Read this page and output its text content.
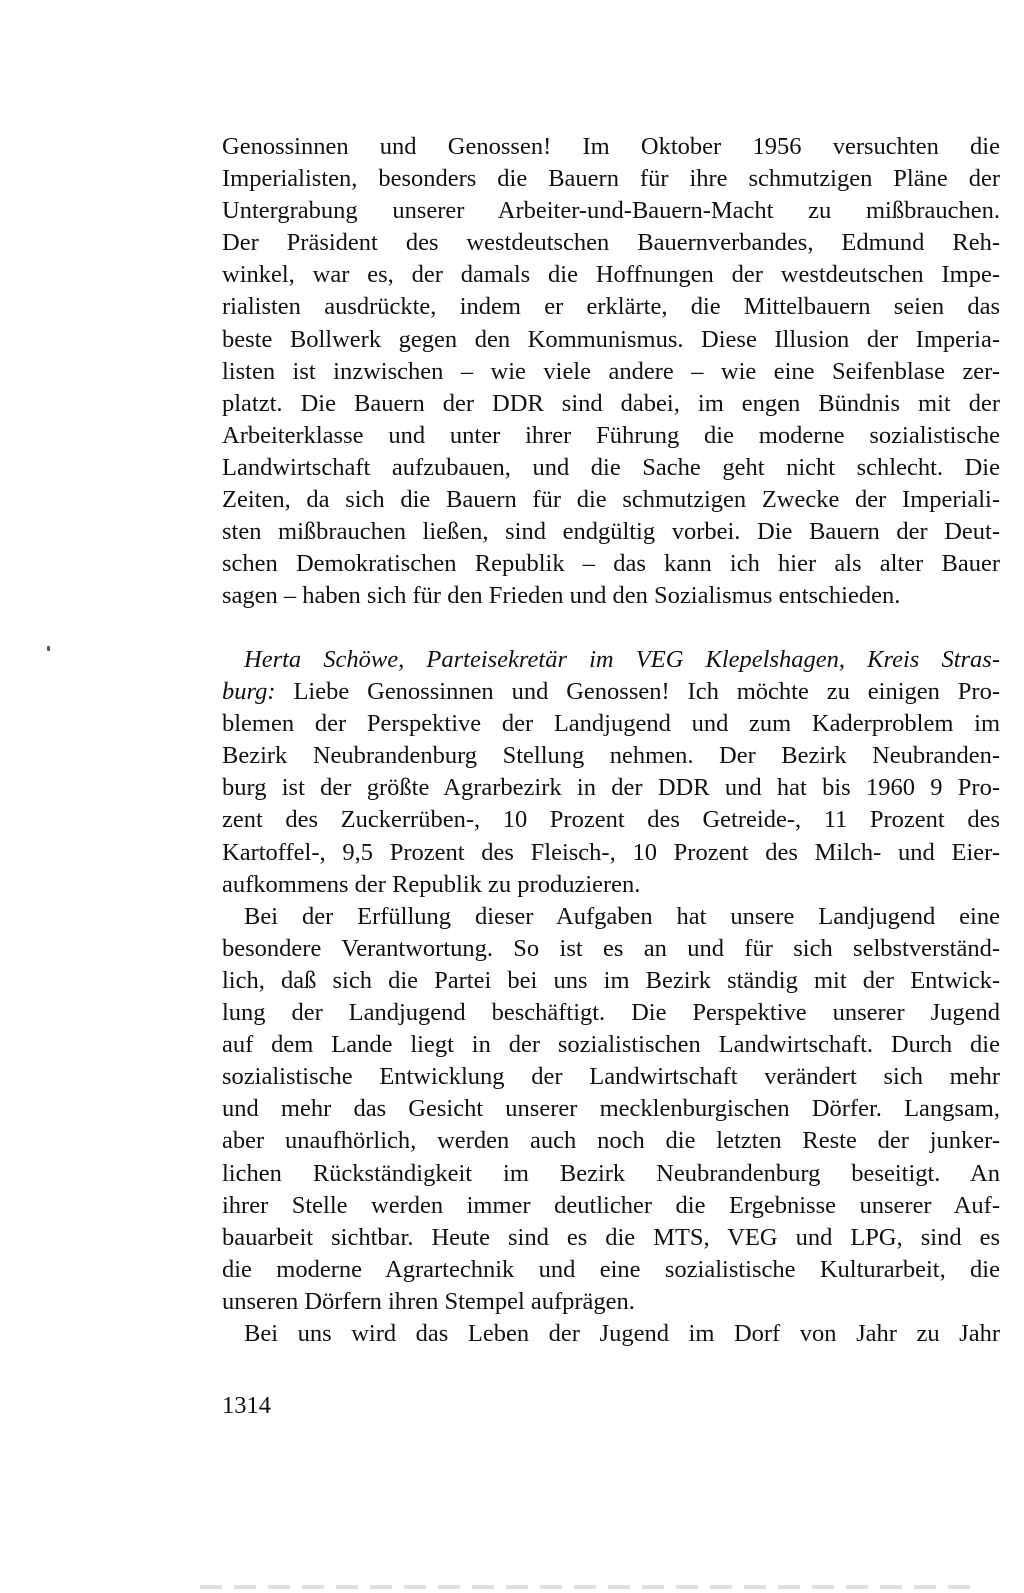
Genossinnen und Genossen! Im Oktober 1956 versuchten die
Imperialisten, besonders die Bauern für ihre schmutzigen Pläne der
Untergrabung unserer Arbeiter-und-Bauern-Macht zu mißbrauchen.
Der Präsident des westdeutschen Bauernverbandes, Edmund Reh-
winkel, war es, der damals die Hoffnungen der westdeutschen Impe-
rialisten ausdrückte, indem er erklärte, die Mittelbauern seien das
beste Bollwerk gegen den Kommunismus. Diese Illusion der Imperia-
listen ist inzwischen – wie viele andere – wie eine Seifenblase zer-
platzt. Die Bauern der DDR sind dabei, im engen Bündnis mit der
Arbeiterklasse und unter ihrer Führung die moderne sozialistische
Landwirtschaft aufzubauen, und die Sache geht nicht schlecht. Die
Zeiten, da sich die Bauern für die schmutzigen Zwecke der Imperiali-
sten mißbrauchen ließen, sind endgültig vorbei. Die Bauern der Deut-
schen Demokratischen Republik – das kann ich hier als alter Bauer
sagen – haben sich für den Frieden und den Sozialismus entschieden.
Herta Schöwe, Parteisekretär im VEG Klepelshagen, Kreis Stras-
burg: Liebe Genossinnen und Genossen! Ich möchte zu einigen Pro-
blemen der Perspektive der Landjugend und zum Kaderproblem im
Bezirk Neubrandenburg Stellung nehmen. Der Bezirk Neubranden-
burg ist der größte Agrarbezirk in der DDR und hat bis 1960 9 Pro-
zent des Zuckerrüben-, 10 Prozent des Getreide-, 11 Prozent des
Kartoffel-, 9,5 Prozent des Fleisch-, 10 Prozent des Milch- und Eier-
aufkommens der Republik zu produzieren.
Bei der Erfüllung dieser Aufgaben hat unsere Landjugend eine
besondere Verantwortung. So ist es an und für sich selbstverständ-
lich, daß sich die Partei bei uns im Bezirk ständig mit der Entwick-
lung der Landjugend beschäftigt. Die Perspektive unserer Jugend
auf dem Lande liegt in der sozialistischen Landwirtschaft. Durch die
sozialistische Entwicklung der Landwirtschaft verändert sich mehr
und mehr das Gesicht unserer mecklenburgischen Dörfer. Langsam,
aber unaufhörlich, werden auch noch die letzten Reste der junker-
lichen Rückständigkeit im Bezirk Neubrandenburg beseitigt. An
ihrer Stelle werden immer deutlicher die Ergebnisse unserer Auf-
bauarbeit sichtbar. Heute sind es die MTS, VEG und LPG, sind es
die moderne Agrartechnik und eine sozialistische Kulturarbeit, die
unseren Dörfern ihren Stempel aufprägen.
Bei uns wird das Leben der Jugend im Dorf von Jahr zu Jahr
1314
